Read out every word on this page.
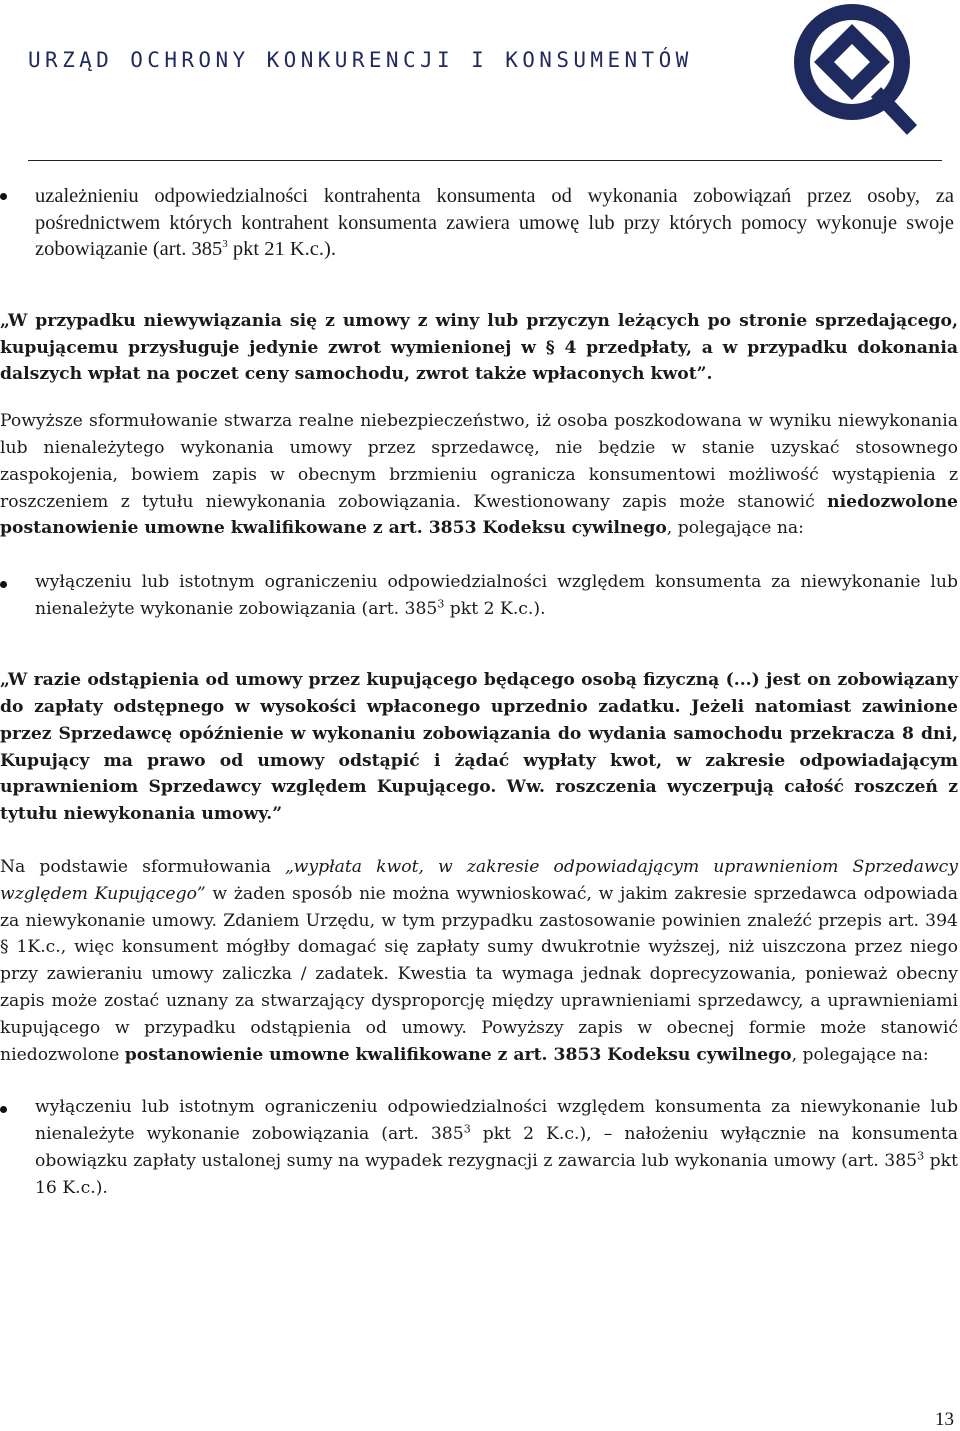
URZĄD OCHRONY KONKURENCJI I KONSUMENTÓW

uzależnieniu odpowiedzialności kontrahenta konsumenta od wykonania zobowiązań przez osoby, za pośrednictwem których kontrahent konsumenta zawiera umowę lub przy których pomocy wykonuje swoje zobowiązanie (art. $385^3$ pkt 21 K.c.).

„W przypadku niewywiązania się z umowy z winy lub przyczyn leżących po stronie sprzedającego, kupującemu przysługuje jedynie zwrot wymienionej w § 4 przedpłaty, a w przypadku dokonania dalszych wpłat na poczet ceny samochodu, zwrot także wpłaconych kwot”.

Powyższe sformułowanie stwarza realne niebezpieczeństwo, iż osoba poszkodowana w wyniku niewykonania lub nienależytego wykonania umowy przez sprzedawcę, nie będzie w stanie uzyskać stosownego zaspokojenia, bowiem zapis w obecnym brzmieniu ogranicza konsumentowi możliwość wystąpienia z roszczeniem z tytułu niewykonania zobowiązania. Kwestionowany zapis może stanowić niedozwolone postanowienie umowne kwalifikowane z art. 3853 Kodeksu cywilnego, polegające na:

wyłączeniu lub istotnym ograniczeniu odpowiedzialności względem konsumenta za niewykonanie lub nienależyte wykonanie zobowiązania (art. $385^3$ pkt 2 K.c.).

„W razie odstąpienia od umowy przez kupującego będącego osobą fizyczną (...) jest on zobowiązany do zapłaty odstępnego w wysokości wpłaconego uprzednio zadatku. Jeżeli natomiast zawinione przez Sprzedawcę opóźnienie w wykonaniu zobowiązania do wydania samochodu przekracza 8 dni, Kupujący ma prawo od umowy odstąpić i żądać wypłaty kwot, w zakresie odpowiadającym uprawnieniom Sprzedawcy względem Kupującego. Ww. roszczenia wyczerpują całość roszczeń z tytułu niewykonania umowy.”

Na podstawie sformułowania „wypłata kwot, w zakresie odpowiadającym uprawnieniom Sprzedawcy względem Kupującego” w żaden sposób nie można wywnioskować, w jakim zakresie sprzedawca odpowiada za niewykonanie umowy. Zdaniem Urzędu, w tym przypadku zastosowanie powinien znaleźć przepis art. 394 § 1K.c., więc konsument mógłby domagać się zapłaty sumy dwukrotnie wyższej, niż uiszczona przez niego przy zawieraniu umowy zaliczka / zadatek. Kwestia ta wymaga jednak doprecyzowania, ponieważ obecny zapis może zostać uznany za stwarzający dysproporcję między uprawnieniami sprzedawcy, a uprawnieniami kupującego w przypadku odstąpienia od umowy. Powyższy zapis w obecnej formie może stanowić niedozwolone postanowienie umowne kwalifikowane z art. 3853 Kodeksu cywilnego, polegające na:

wyłączeniu lub istotnym ograniczeniu odpowiedzialności względem konsumenta za niewykonanie lub nienależyte wykonanie zobowiązania (art. $385^3$ pkt 2 K.c.), – nałożeniu wyłącznie na konsumenta obowiązku zapłaty ustalonej sumy na wypadek rezygnacji z zawarcia lub wykonania umowy (art. $385^3$ pkt 16 K.c.).

13
